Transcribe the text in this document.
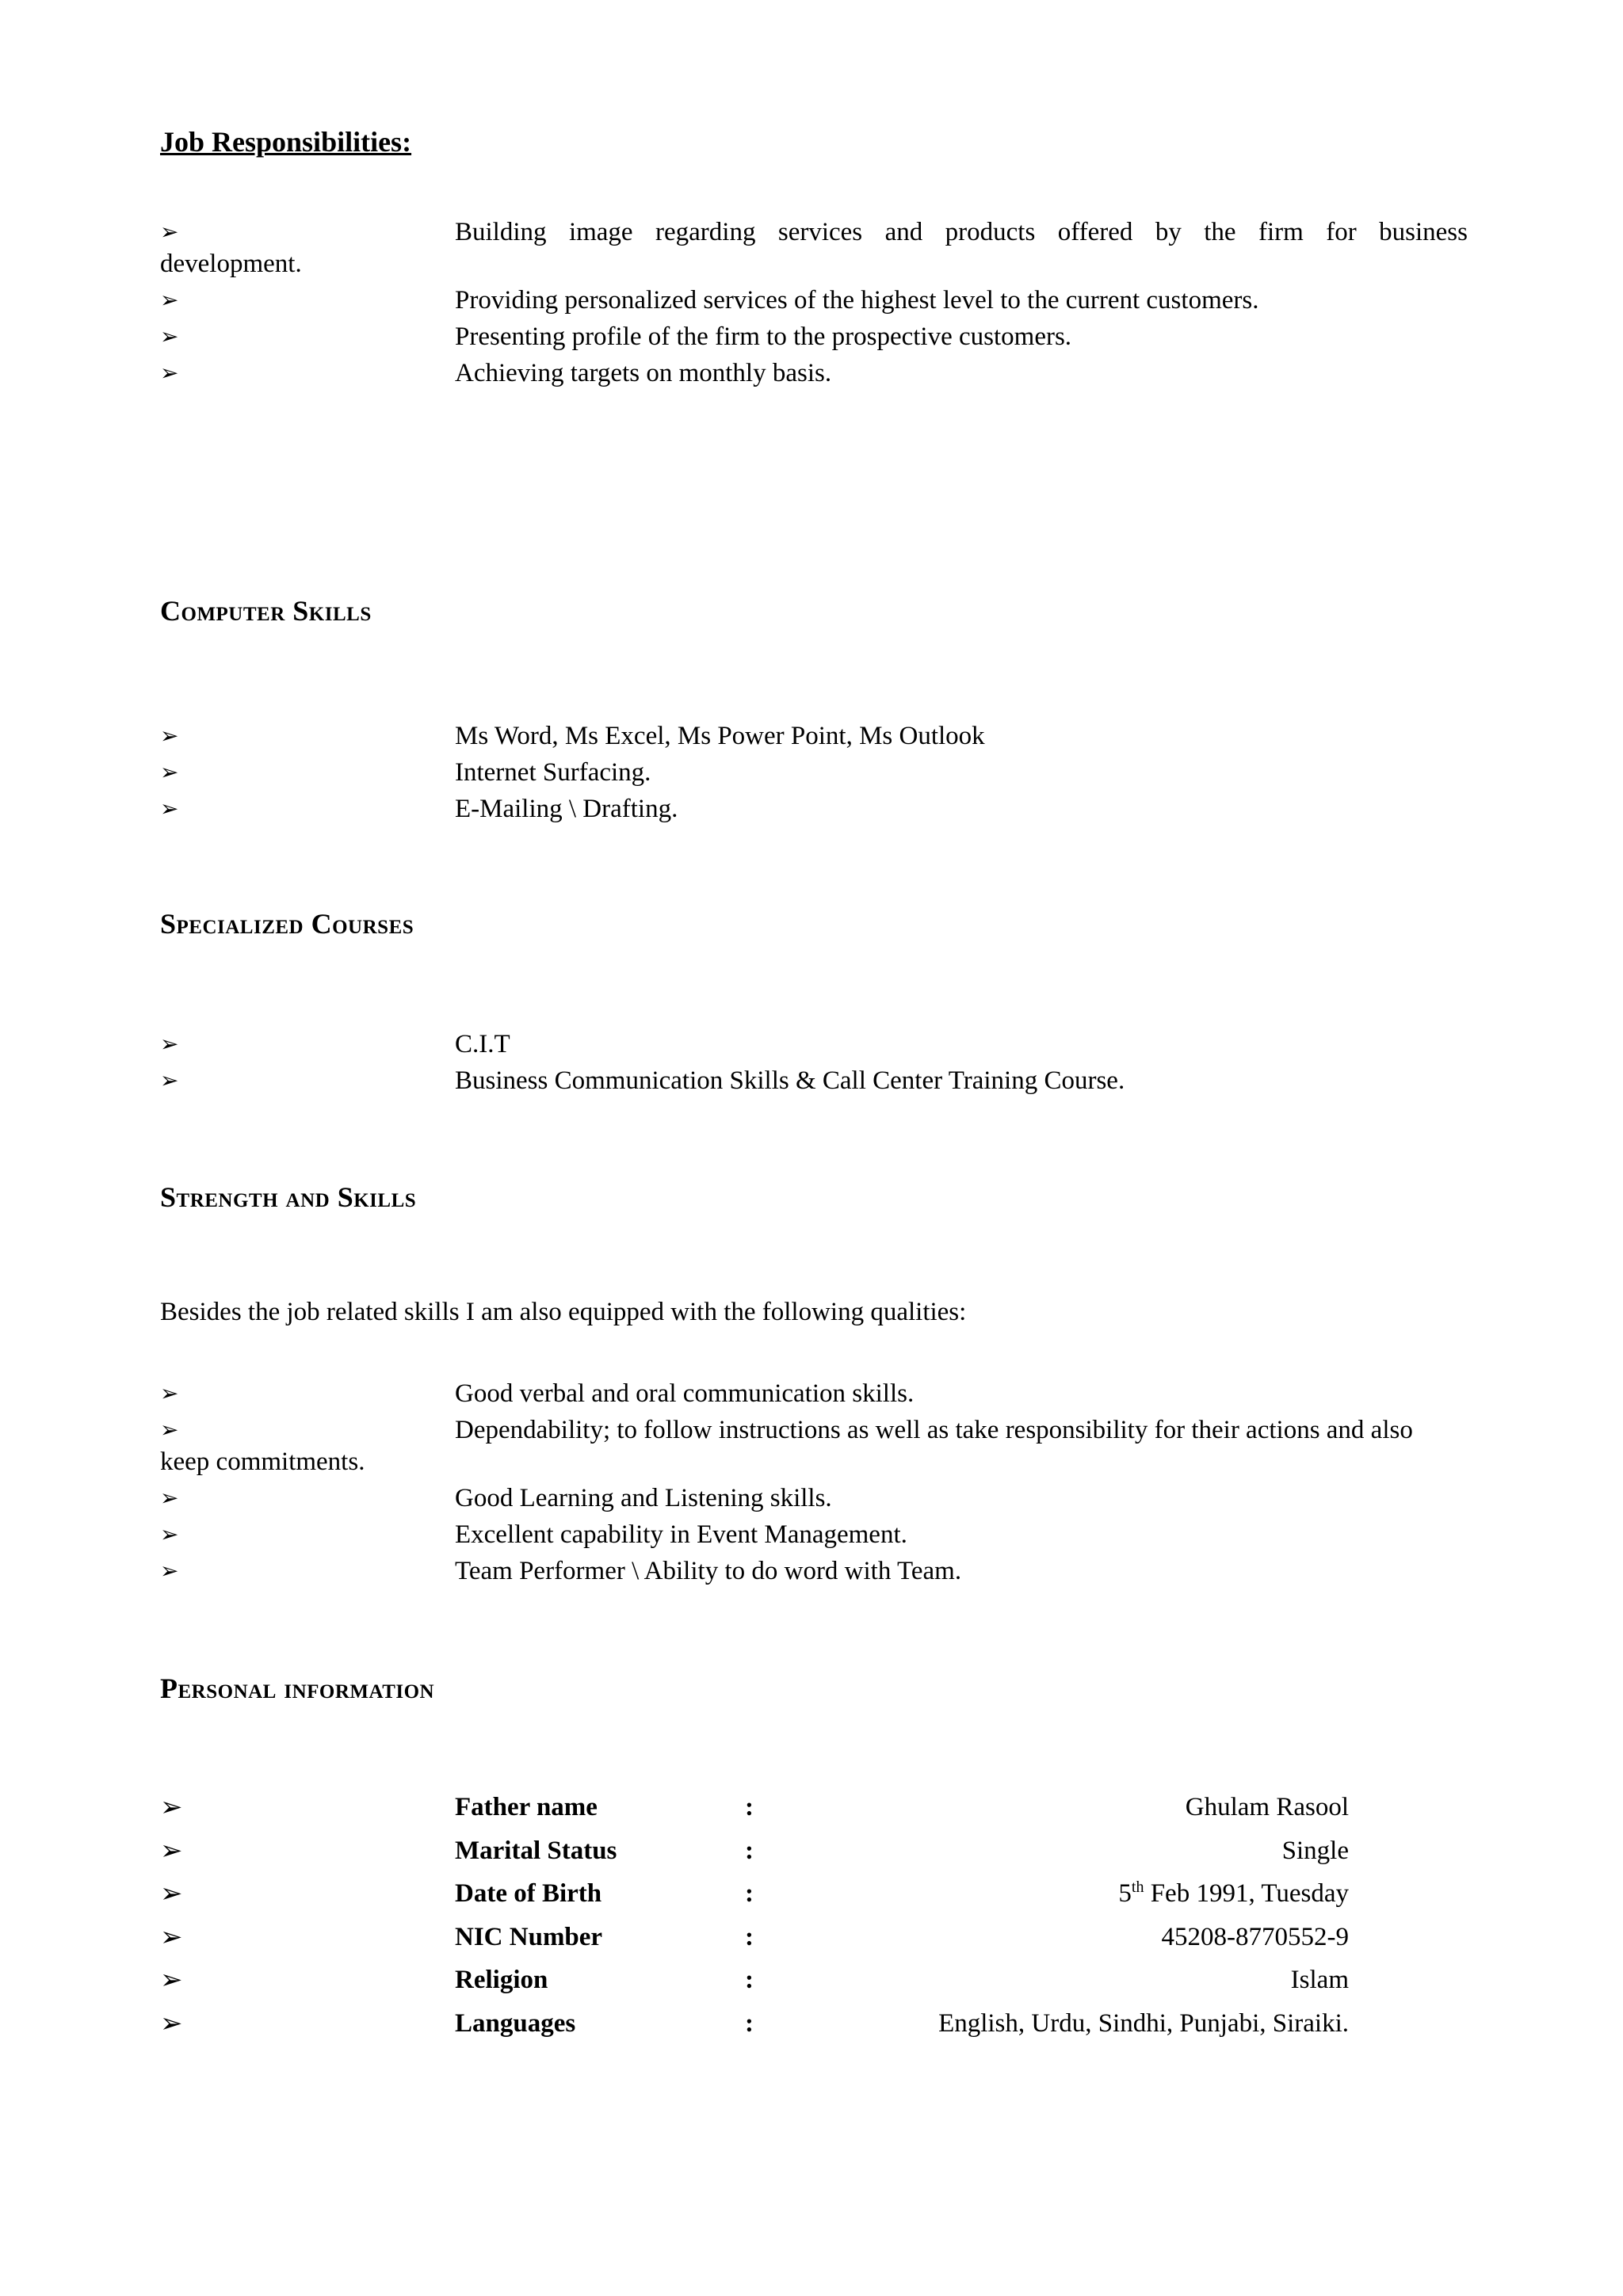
Job Responsibilities:
➢	Building image regarding services and products offered by the firm for business
development.
➢	Providing personalized services of the highest level to the current customers.
➢	Presenting profile of the firm to the prospective customers.
➢	Achieving targets on monthly basis.
Computer Skills
➢	Ms Word, Ms Excel, Ms Power Point, Ms Outlook
➢	Internet Surfacing.
➢	E-Mailing \ Drafting.
Specialized Courses
➢	C.I.T
➢	Business Communication Skills & Call Center Training Course.
Strength and Skills

Besides the job related skills I am also equipped with the following qualities:

➢	Good verbal and oral communication skills.
➢	Dependability; to follow instructions as well as take responsibility for their actions and also
keep commitments.
➢	Good Learning and Listening skills.
➢	Excellent capability in Event Management.
➢	Team Performer \ Ability to do word with Team.
Personal information
➢	Father name	:	Ghulam Rasool
➢	Marital Status	:	Single
➢	Date of Birth	:	5th Feb 1991, Tuesday
➢	NIC Number	:	45208-8770552-9
➢	Religion	:	Islam
➢	Languages	:	English, Urdu, Sindhi, Punjabi, Siraiki.
